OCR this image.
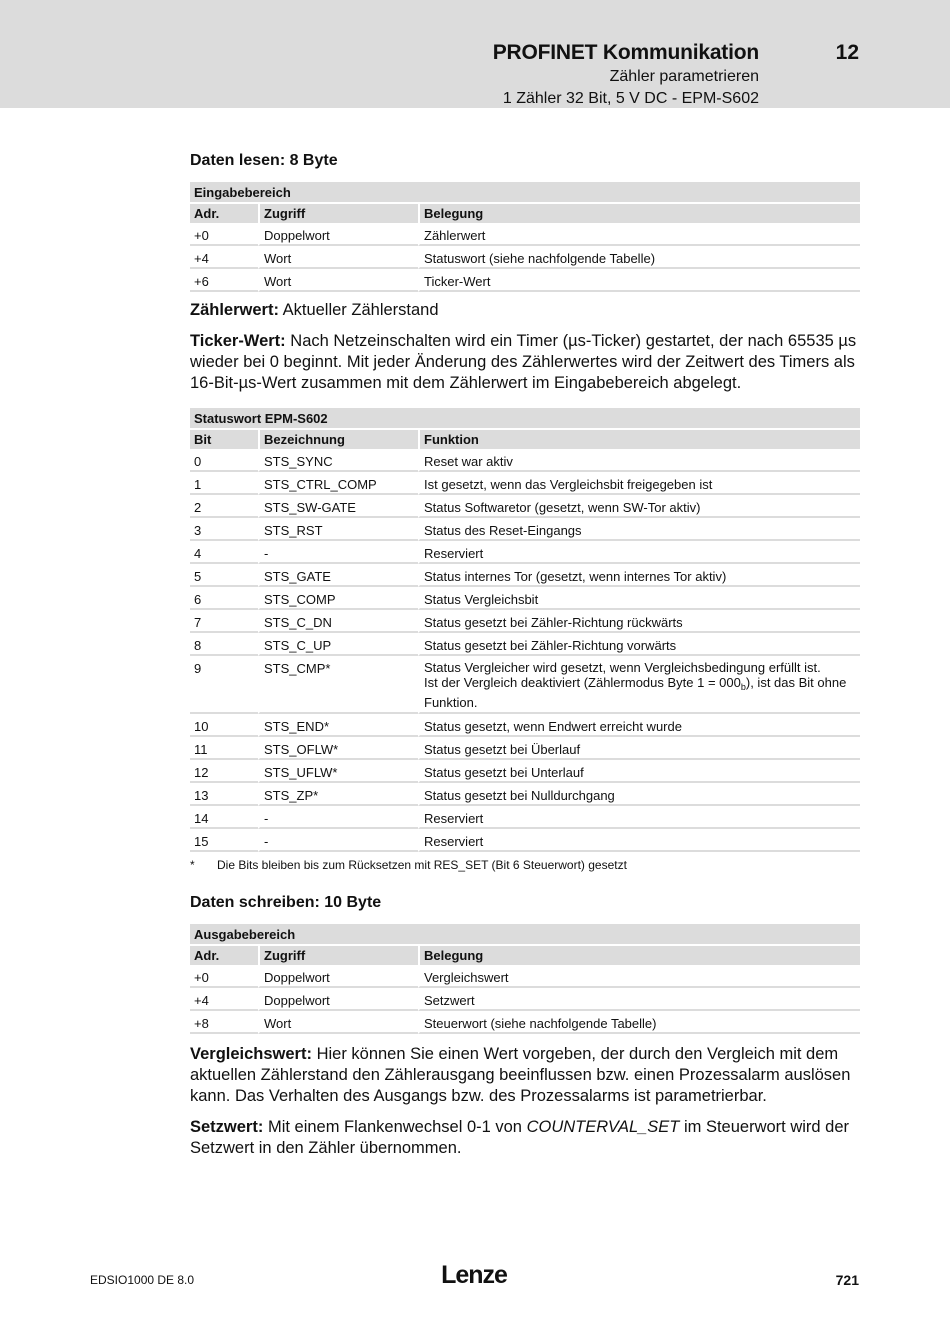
PROFINET Kommunikation	12
Zähler parametrieren
1 Zähler 32 Bit, 5 V DC - EPM-S602
Daten lesen: 8 Byte
Eingabebereich		
Adr.	Zugriff	Belegung
+0	Doppelwort	Zählerwert
+4	Wort	Statuswort (siehe nachfolgende Tabelle)
+6	Wort	Ticker-Wert

Zählerwert: Aktueller Zählerstand

Ticker-Wert: Nach Netzeinschalten wird ein Timer (µs-Ticker) gestartet, der nach 65535 µs wieder bei 0 beginnt. Mit jeder Änderung des Zählerwertes wird der Zeitwert des Timers als 16-Bit-µs-Wert zusammen mit dem Zählerwert im Eingabebereich abgelegt.

Statuswort EPM-S602		
Bit	Bezeichnung	Funktion
0	STS_SYNC	Reset war aktiv
1	STS_CTRL_COMP	Ist gesetzt, wenn das Vergleichsbit freigegeben ist
2	STS_SW-GATE	Status Softwaretor (gesetzt, wenn SW-Tor aktiv)
3	STS_RST	Status des Reset-Eingangs
4	-	Reserviert
5	STS_GATE	Status internes Tor (gesetzt, wenn internes Tor aktiv)
6	STS_COMP	Status Vergleichsbit
7	STS_C_DN	Status gesetzt bei Zähler-Richtung rückwärts
8	STS_C_UP	Status gesetzt bei Zähler-Richtung vorwärts
9	STS_CMP*	Status Vergleicher wird gesetzt, wenn Vergleichsbedingung erfüllt ist.
Ist der Vergleich deaktiviert (Zählermodus Byte $1 = 000_b$), ist das Bit ohne
Funktion.
10	STS_END*	Status gesetzt, wenn Endwert erreicht wurde
11	STS_OFLW*	Status gesetzt bei Überlauf
12	STS_UFLW*	Status gesetzt bei Unterlauf
13	STS_ZP*	Status gesetzt bei Nulldurchgang
14	-	Reserviert
15	-	Reserviert
*	Die Bits bleiben bis zum Rücksetzen mit RES_SET (Bit 6 Steuerwort) gesetzt
Daten schreiben: 10 Byte
Ausgabebereich		
Adr.	Zugriff	Belegung
+0	Doppelwort	Vergleichswert
+4	Doppelwort	Setzwert
+8	Wort	Steuerwort (siehe nachfolgende Tabelle)

Vergleichswert: Hier können Sie einen Wert vorgeben, der durch den Vergleich mit dem aktuellen Zählerstand den Zählerausgang beeinflussen bzw. einen Prozessalarm auslösen kann. Das Verhalten des Ausgangs bzw. des Prozessalarms ist parametrierbar.

Setzwert: Mit einem Flankenwechsel 0-1 von COUNTERVAL_SET im Steuerwort wird der Setzwert in den Zähler übernommen.

EDSIO1000 DE 8.0	Lenze	721
